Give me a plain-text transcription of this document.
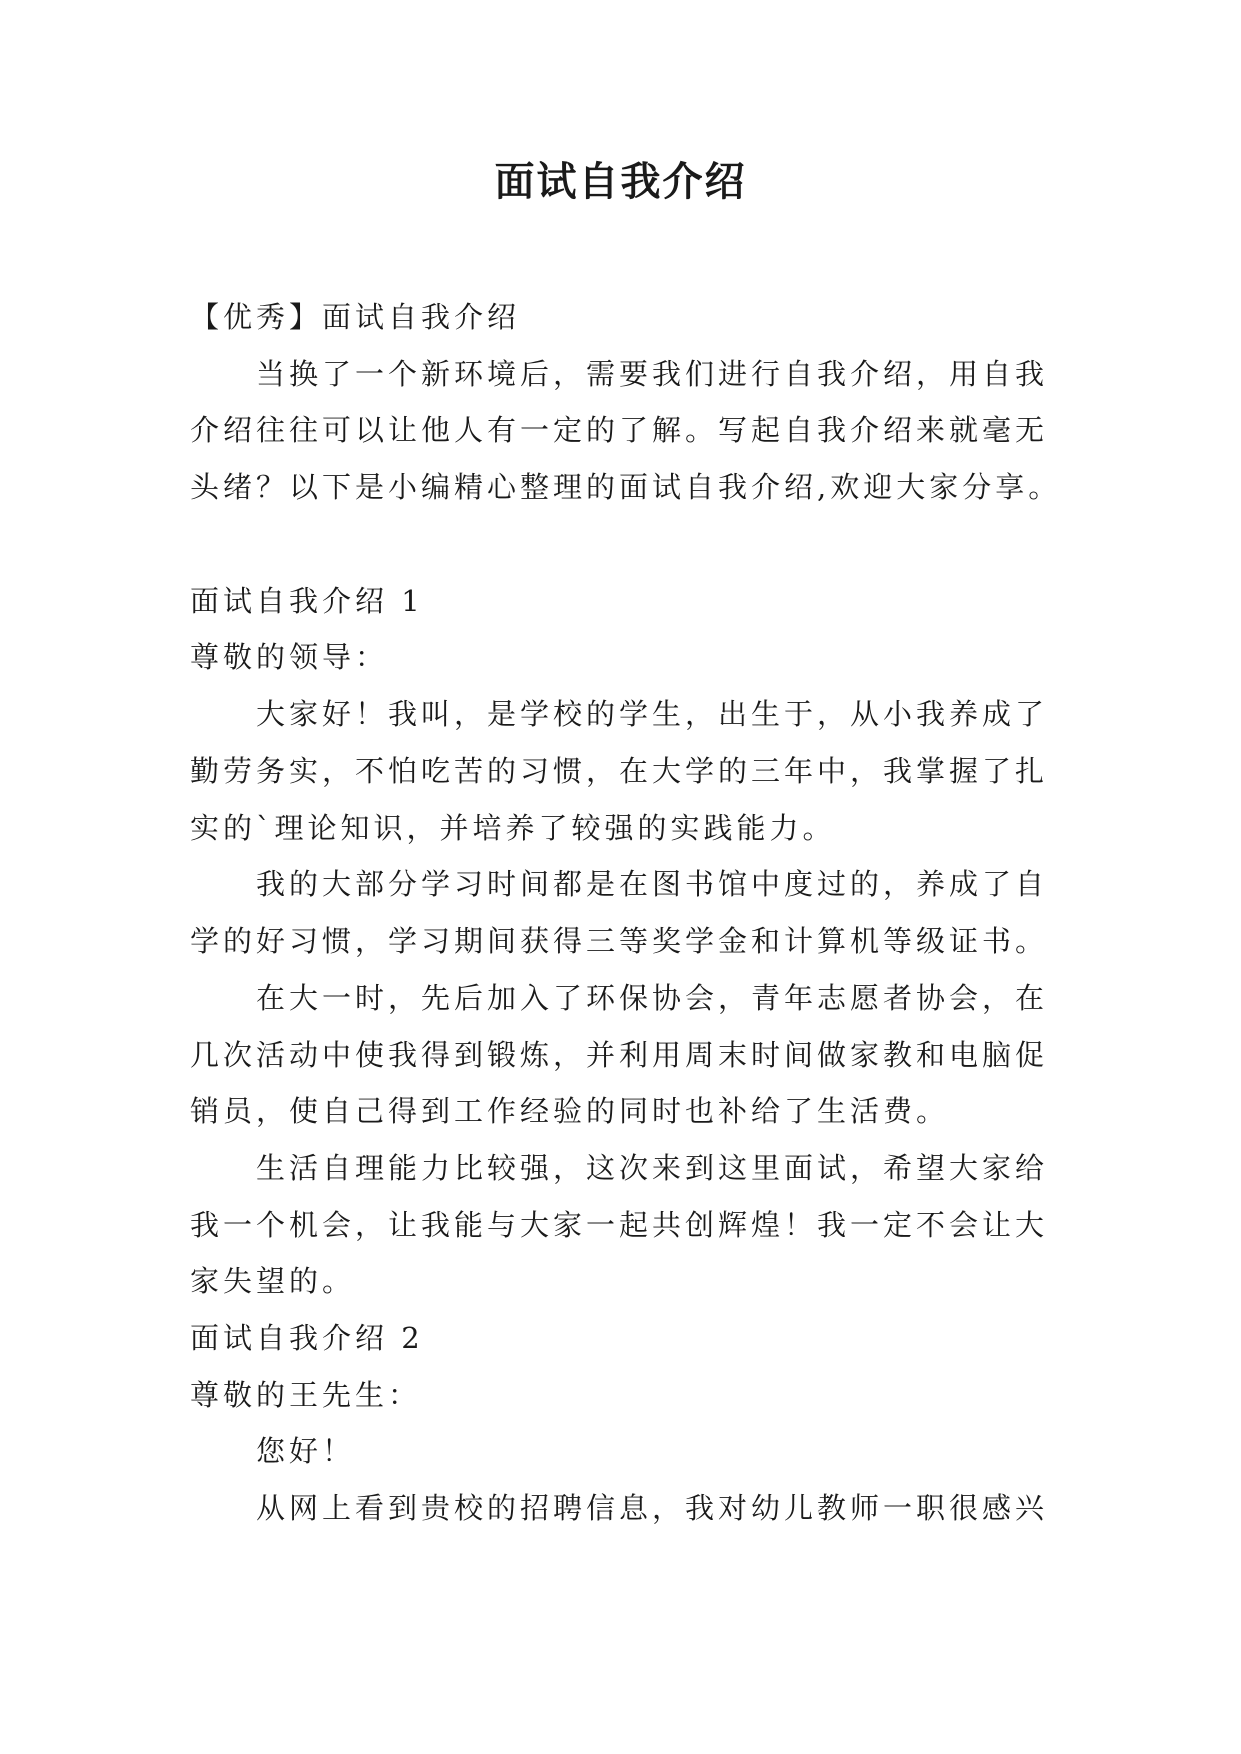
面试自我介绍
【优秀】面试自我介绍
当换了一个新环境后，需要我们进行自我介绍，用自我
介绍往往可以让他人有一定的了解。写起自我介绍来就毫无
头绪？以下是小编精心整理的面试自我介绍,欢迎大家分享。
面试自我介绍 1
尊敬的领导：
大家好！我叫，是学校的学生，出生于，从小我养成了
勤劳务实，不怕吃苦的习惯，在大学的三年中，我掌握了扎
实的`理论知识，并培养了较强的实践能力。
我的大部分学习时间都是在图书馆中度过的，养成了自
学的好习惯，学习期间获得三等奖学金和计算机等级证书。
在大一时，先后加入了环保协会，青年志愿者协会，在
几次活动中使我得到锻炼，并利用周末时间做家教和电脑促
销员，使自己得到工作经验的同时也补给了生活费。
生活自理能力比较强，这次来到这里面试，希望大家给
我一个机会，让我能与大家一起共创辉煌！我一定不会让大
家失望的。
面试自我介绍 2
尊敬的王先生：
您好！
从网上看到贵校的招聘信息，我对幼儿教师一职很感兴
